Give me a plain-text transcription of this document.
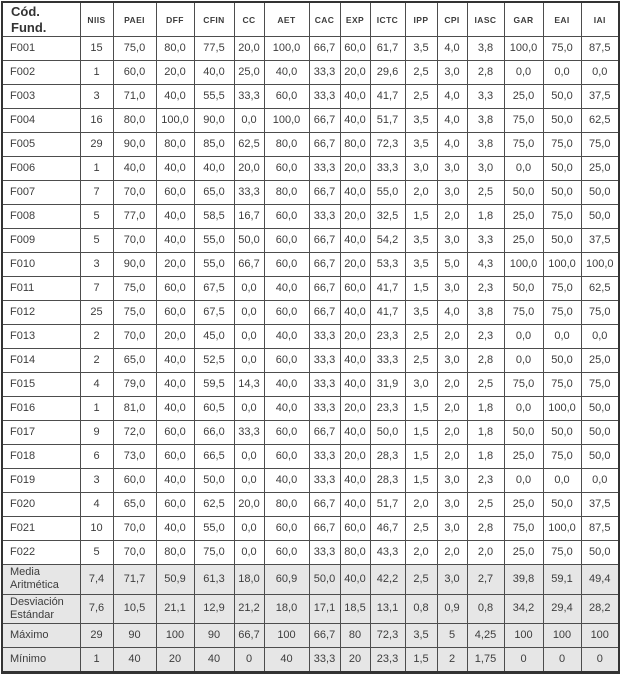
Cód. Fund.	NIIS	PAEI	DFF	CFIN	CC	AET	CAC	EXP	ICTC	IPP	CPI	IASC	GAR	EAI	IAI
F001	15	75,0	80,0	77,5	20,0	100,0	66,7	60,0	61,7	3,5	4,0	3,8	100,0	75,0	87,5
F002	1	60,0	20,0	40,0	25,0	40,0	33,3	20,0	29,6	2,5	3,0	2,8	0,0	0,0	0,0
F003	3	71,0	40,0	55,5	33,3	60,0	33,3	40,0	41,7	2,5	4,0	3,3	25,0	50,0	37,5
F004	16	80,0	100,0	90,0	0,0	100,0	66,7	40,0	51,7	3,5	4,0	3,8	75,0	50,0	62,5
F005	29	90,0	80,0	85,0	62,5	80,0	66,7	80,0	72,3	3,5	4,0	3,8	75,0	75,0	75,0
F006	1	40,0	40,0	40,0	20,0	60,0	33,3	20,0	33,3	3,0	3,0	3,0	0,0	50,0	25,0
F007	7	70,0	60,0	65,0	33,3	80,0	66,7	40,0	55,0	2,0	3,0	2,5	50,0	50,0	50,0
F008	5	77,0	40,0	58,5	16,7	60,0	33,3	20,0	32,5	1,5	2,0	1,8	25,0	75,0	50,0
F009	5	70,0	40,0	55,0	50,0	60,0	66,7	40,0	54,2	3,5	3,0	3,3	25,0	50,0	37,5
F010	3	90,0	20,0	55,0	66,7	60,0	66,7	20,0	53,3	3,5	5,0	4,3	100,0	100,0	100,0
F011	7	75,0	60,0	67,5	0,0	40,0	66,7	60,0	41,7	1,5	3,0	2,3	50,0	75,0	62,5
F012	25	75,0	60,0	67,5	0,0	60,0	66,7	40,0	41,7	3,5	4,0	3,8	75,0	75,0	75,0
F013	2	70,0	20,0	45,0	0,0	40,0	33,3	20,0	23,3	2,5	2,0	2,3	0,0	0,0	0,0
F014	2	65,0	40,0	52,5	0,0	60,0	33,3	40,0	33,3	2,5	3,0	2,8	0,0	50,0	25,0
F015	4	79,0	40,0	59,5	14,3	40,0	33,3	40,0	31,9	3,0	2,0	2,5	75,0	75,0	75,0
F016	1	81,0	40,0	60,5	0,0	40,0	33,3	20,0	23,3	1,5	2,0	1,8	0,0	100,0	50,0
F017	9	72,0	60,0	66,0	33,3	60,0	66,7	40,0	50,0	1,5	2,0	1,8	50,0	50,0	50,0
F018	6	73,0	60,0	66,5	0,0	60,0	33,3	20,0	28,3	1,5	2,0	1,8	25,0	75,0	50,0
F019	3	60,0	40,0	50,0	0,0	40,0	33,3	40,0	28,3	1,5	3,0	2,3	0,0	0,0	0,0
F020	4	65,0	60,0	62,5	20,0	80,0	66,7	40,0	51,7	2,0	3,0	2,5	25,0	50,0	37,5
F021	10	70,0	40,0	55,0	0,0	60,0	66,7	60,0	46,7	2,5	3,0	2,8	75,0	100,0	87,5
F022	5	70,0	80,0	75,0	0,0	60,0	33,3	80,0	43,3	2,0	2,0	2,0	25,0	75,0	50,0
Media Aritmética	7,4	71,7	50,9	61,3	18,0	60,9	50,0	40,0	42,2	2,5	3,0	2,7	39,8	59,1	49,4
Desviación Estándar	7,6	10,5	21,1	12,9	21,2	18,0	17,1	18,5	13,1	0,8	0,9	0,8	34,2	29,4	28,2
Máximo	29	90	100	90	66,7	100	66,7	80	72,3	3,5	5	4,25	100	100	100
Mínimo	1	40	20	40	0	40	33,3	20	23,3	1,5	2	1,75	0	0	0
